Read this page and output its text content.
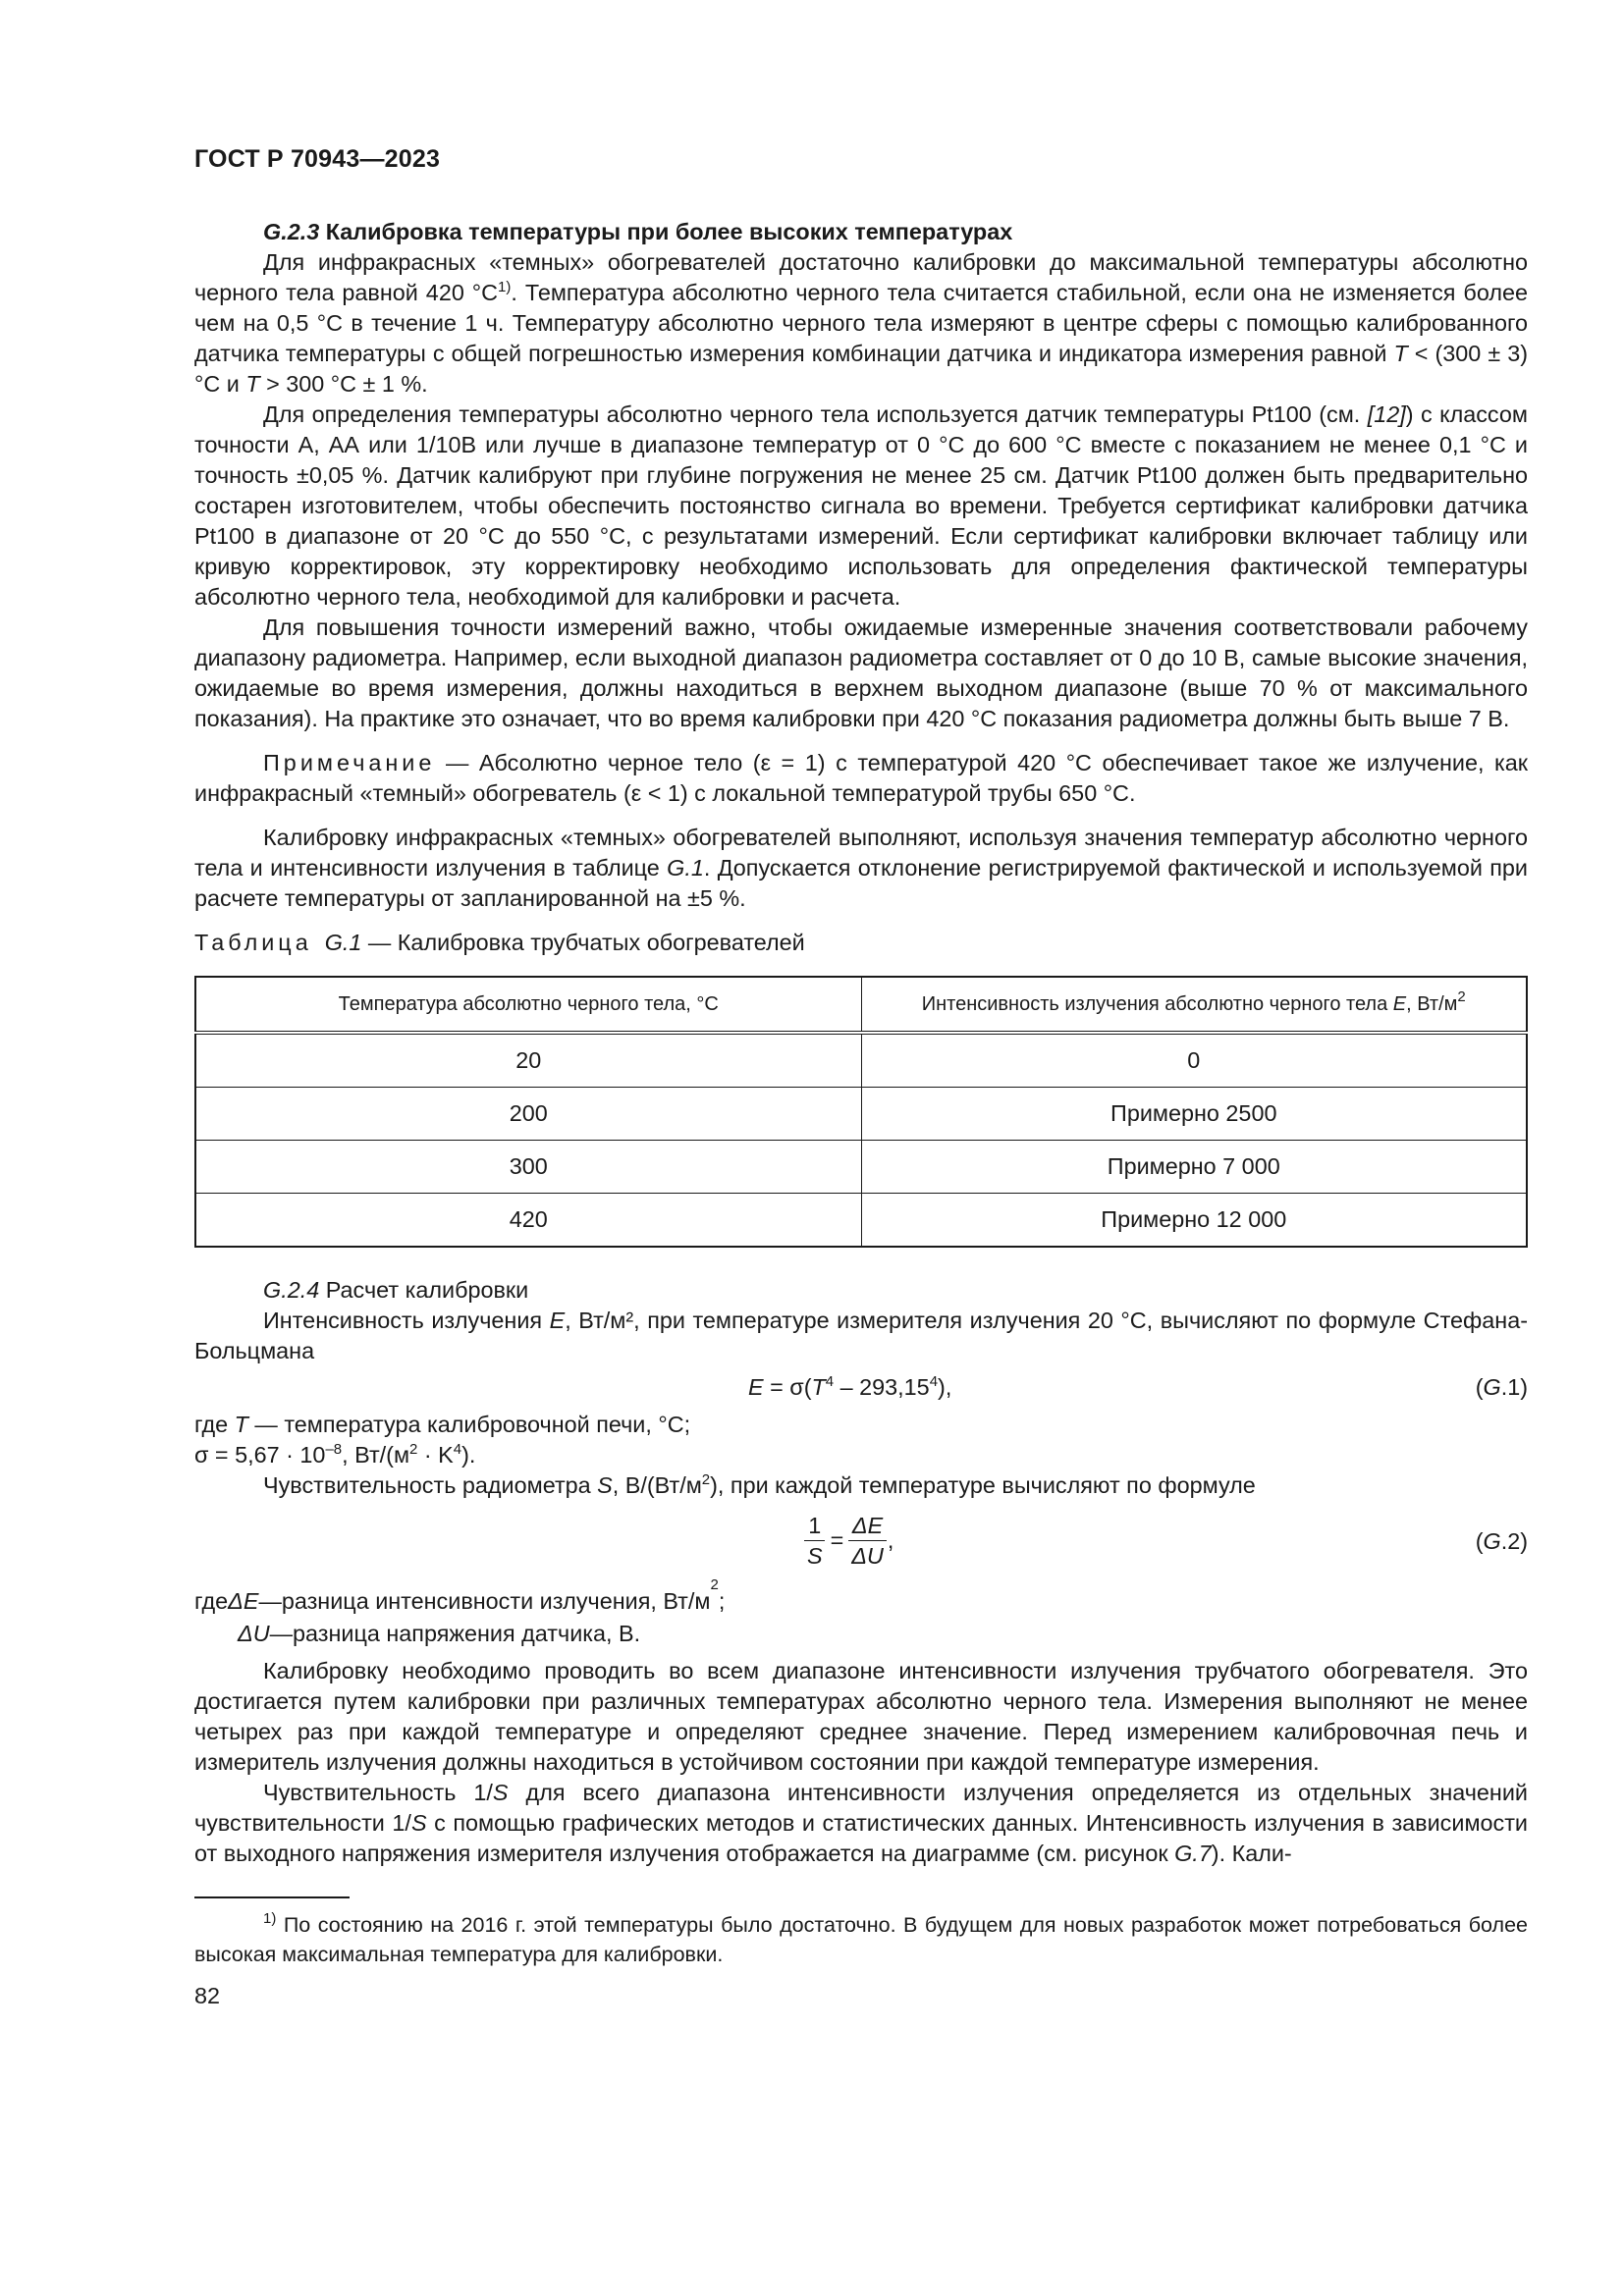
ГОСТ Р 70943—2023

G.2.3 Калибровка температуры при более высоких температурах

Для инфракрасных «темных» обогревателей достаточно калибровки до максимальной температуры абсолютно черного тела равной 420 $^\circ C^{1)}$. Температура абсолютно черного тела считается стабильной, если она не изменяется более чем на 0,5 °C в течение 1 ч. Температуру абсолютно черного тела измеряют в центре сферы с помощью калиброванного датчика температуры с общей погрешностью измерения комбинации датчика и индикатора измерения равной T < (300 ± 3) °C и T > 300 °C ± 1 %.

Для определения температуры абсолютно черного тела используется датчик температуры Pt100 (см. [12]) с классом точности А, АА или 1/10В или лучше в диапазоне температур от 0 °C до 600 °C вместе с показанием не менее 0,1 °C и точность ±0,05 %. Датчик калибруют при глубине погружения не менее 25 см. Датчик Pt100 должен быть предварительно состарен изготовителем, чтобы обеспечить постоянство сигнала во времени. Требуется сертификат калибровки датчика Pt100 в диапазоне от 20 °C до 550 °C, с результатами измерений. Если сертификат калибровки включает таблицу или кривую корректировок, эту корректировку необходимо использовать для определения фактической температуры абсолютно черного тела, необходимой для калибровки и расчета.

Для повышения точности измерений важно, чтобы ожидаемые измеренные значения соответствовали рабочему диапазону радиометра. Например, если выходной диапазон радиометра составляет от 0 до 10 В, самые высокие значения, ожидаемые во время измерения, должны находиться в верхнем выходном диапазоне (выше 70 % от максимального показания). На практике это означает, что во время калибровки при 420 °C показания радиометра должны быть выше 7 В.

Примечание — Абсолютно черное тело (ε = 1) с температурой 420 °C обеспечивает такое же излучение, как инфракрасный «темный» обогреватель (ε < 1) с локальной температурой трубы 650 °C.

Калибровку инфракрасных «темных» обогревателей выполняют, используя значения температур абсолютно черного тела и интенсивности излучения в таблице G.1. Допускается отклонение регистрируемой фактической и используемой при расчете температуры от запланированной на ±5 %.

Таблица G.1 — Калибровка трубчатых обогревателей
Температура абсолютно черного тела, °C	Интенсивность излучения абсолютно черного тела E, $Вт/м^2$
20	0
200	Примерно 2500
300	Примерно 7 000
420	Примерно 12 000

G.2.4 Расчет калибровки

Интенсивность излучения E, Вт/м², при температуре измерителя излучения 20 °C, вычисляют по формуле Стефана-Больцмана

$E = \sigma(T^4 - 293,15^4)$,	(G.1)

где T — температура калибровочной печи, °C;

$\sigma = 5,67 \cdot 10^{-8}$, $Вт/(м^2 \cdot K^4)$.

Чувствительность радиометра S, $В/(Вт/м^2)$, при каждой температуре вычисляют по формуле

$\frac{1}{S} = \frac{\Delta E}{\Delta U}$ ,	(G.2)
где ΔE — разница интенсивности излучения, Вт/м
2
;
ΔU — разница напряжения датчика, В.

Калибровку необходимо проводить во всем диапазоне интенсивности излучения трубчатого обогревателя. Это достигается путем калибровки при различных температурах абсолютно черного тела. Измерения выполняют не менее четырех раз при каждой температуре и определяют среднее значение. Перед измерением калибровочная печь и измеритель излучения должны находиться в устойчивом состоянии при каждой температуре измерения.

Чувствительность 1/S для всего диапазона интенсивности излучения определяется из отдельных значений чувствительности 1/S с помощью графических методов и статистических данных. Интенсивность излучения в зависимости от выходного напряжения измерителя излучения отображается на диаграмме (см. рисунок G.7). Кали-

$^{1)}$ По состоянию на 2016 г. этой температуры было достаточно. В будущем для новых разработок может потребоваться более высокая максимальная температура для калибровки.

82
